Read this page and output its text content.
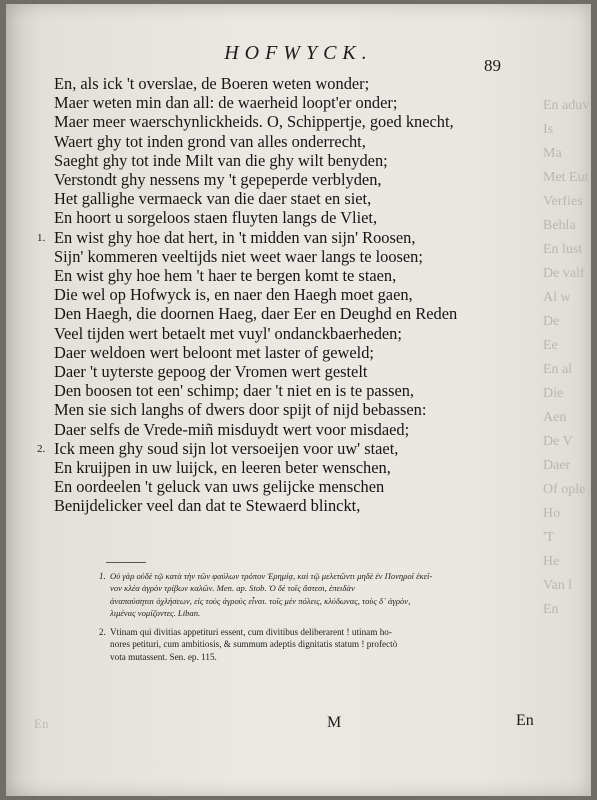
En aduv
Is
Ma
Met Eut
Verfies
Behla
En lust
De valf
Al w
De
Ee
En al
Die
Aen
De V
Daer
Of ople
Ho
'T
He
Van l
En
HOFWYCK.
89
En, als ick 't overslae, de Boeren weten wonder;
Maer weten min dan all: de waerheid loopt'er onder;
Maer meer waerschynlickheids. O, Schippertje, goed knecht,
Waert ghy tot inden grond van alles onderrecht,
Saeght ghy tot inde Milt van die ghy wilt benyden;
Verstondt ghy nessens my 't gepeperde verblyden,
Het gallighe vermaeck van die daer staet en siet,
En hoort u sorgeloos staen fluyten langs de Vliet,
1. En wist ghy hoe dat hert, in 't midden van sijn' Roosen,
Sijn' kommeren veeltijds niet weet waer langs te loosen;
En wist ghy hoe hem 't haer te bergen komt te staen,
Die wel op Hofwyck is, en naer den Haegh moet gaen,
Den Haegh, die doornen Haeg, daer Eer en Deughd en Reden
Veel tijden wert betaelt met vuyl' ondanckbaerheden;
Daer weldoen wert beloont met laster of geweld;
Daer 't uyterste gepoog der Vromen wert gestelt
Den boosen tot een' schimp; daer 't niet en is te passen,
Men sie sich langhs of dwers door spijt of nijd bebassen:
Daer selfs de Vrede-miñ misduydt wert voor misdaed;
2. Ick meen ghy soud sijn lot versoeijen voor uw' staet,
En kruijpen in uw luijck, en leeren beter wenschen,
En oordeelen 't geluck van uws gelijcke menschen
Benijdelicker veel dan dat te Stewaerd blinckt,
1. Οὐ γὰρ οὐδὲ τῷ κατὰ τὴν τῶν φαύλων τρόπον Ἐρημίᾳ, καὶ τῷ μελετῶντι μηδὲ ἐν Πονηροῖ ἐκεῖ-
νον κλέα ἀγρὸν τρίβων καλῶν. Men. ap. Stob. Ὁ δὲ τοῖς ἄστεσι, ἐπειδὰν
ἀναπαύσηται ὀχλήσεων, εἰς τοὺς ἀγροὺς εἶναι. τοῖς μὲν πόλεις, κλύδωνας, τοὺς δ᾽ ἀγρὸν,
λιμένας νομίζοντες. Liban.
2. Vtinam qui divitias appetituri essent, cum divitibus deliberarent ! utinam ho-
nores petituri, cum ambitiosis, & summum adeptis dignitatis statum ! profectò
vota mutassent. Sen. ep. 115.
En	M	En
